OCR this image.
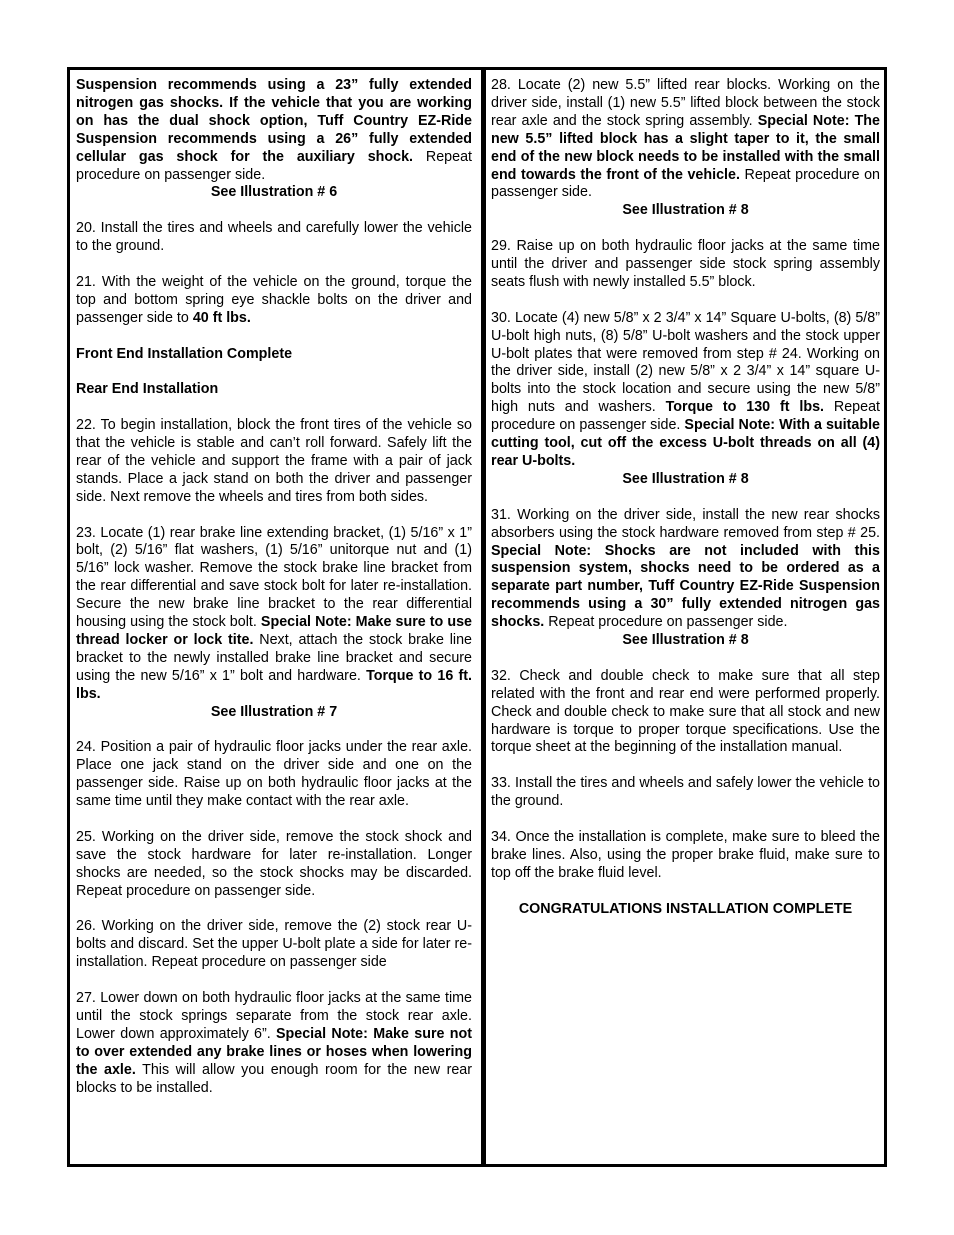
Suspension recommends using a 23” fully extended nitrogen gas shocks. If the vehicle that you are working on has the dual shock option, Tuff Country EZ-Ride Suspension recommends using a 26” fully extended cellular gas shock for the auxiliary shock. Repeat procedure on passenger side.
See Illustration # 6

20. Install the tires and wheels and carefully lower the vehicle to the ground.

21. With the weight of the vehicle on the ground, torque the top and bottom spring eye shackle bolts on the driver and passenger side to 40 ft lbs.

Front End Installation Complete

Rear End Installation

22. To begin installation, block the front tires of the vehicle so that the vehicle is stable and can’t roll forward. Safely lift the rear of the vehicle and support the frame with a pair of jack stands. Place a jack stand on both the driver and passenger side. Next remove the wheels and tires from both sides.

23. Locate (1) rear brake line extending bracket, (1) 5/16” x 1” bolt, (2) 5/16” flat washers, (1) 5/16” unitorque nut and (1) 5/16” lock washer. Remove the stock brake line bracket from the rear differential and save stock bolt for later re-installation. Secure the new brake line bracket to the rear differential housing using the stock bolt. Special Note: Make sure to use thread locker or lock tite. Next, attach the stock brake line bracket to the newly installed brake line bracket and secure using the new 5/16” x 1” bolt and hardware. Torque to 16 ft. lbs.
See Illustration # 7

24. Position a pair of hydraulic floor jacks under the rear axle. Place one jack stand on the driver side and one on the passenger side. Raise up on both hydraulic floor jacks at the same time until they make contact with the rear axle.

25. Working on the driver side, remove the stock shock and save the stock hardware for later re-installation. Longer shocks are needed, so the stock shocks may be discarded. Repeat procedure on passenger side.

26. Working on the driver side, remove the (2) stock rear U-bolts and discard. Set the upper U-bolt plate a side for later re-installation. Repeat procedure on passenger side

27. Lower down on both hydraulic floor jacks at the same time until the stock springs separate from the stock rear axle. Lower down approximately 6”. Special Note: Make sure not to over extended any brake lines or hoses when lowering the axle. This will allow you enough room for the new rear blocks to be installed.

28. Locate (2) new 5.5” lifted rear blocks. Working on the driver side, install (1) new 5.5” lifted block between the stock rear axle and the stock spring assembly. Special Note: The new 5.5” lifted block has a slight taper to it, the small end of the new block needs to be installed with the small end towards the front of the vehicle. Repeat procedure on passenger side.
See Illustration # 8

29. Raise up on both hydraulic floor jacks at the same time until the driver and passenger side stock spring assembly seats flush with newly installed 5.5” block.

30. Locate (4) new 5/8” x 2 3/4” x 14” Square U-bolts, (8) 5/8” U-bolt high nuts, (8) 5/8” U-bolt washers and the stock upper U-bolt plates that were removed from step # 24. Working on the driver side, install (2) new 5/8” x 2 3/4” x 14” square U-bolts into the stock location and secure using the new 5/8” high nuts and washers. Torque to 130 ft lbs. Repeat procedure on passenger side. Special Note: With a suitable cutting tool, cut off the excess U-bolt threads on all (4) rear U-bolts.
See Illustration # 8

31. Working on the driver side, install the new rear shocks absorbers using the stock hardware removed from step # 25. Special Note: Shocks are not included with this suspension system, shocks need to be ordered as a separate part number, Tuff Country EZ-Ride Suspension recommends using a 30” fully extended nitrogen gas shocks. Repeat procedure on passenger side.
See Illustration # 8

32. Check and double check to make sure that all step related with the front and rear end were performed properly. Check and double check to make sure that all stock and new hardware is torque to proper torque specifications. Use the torque sheet at the beginning of the installation manual.

33. Install the tires and wheels and safely lower the vehicle to the ground.

34. Once the installation is complete, make sure to bleed the brake lines. Also, using the proper brake fluid, make sure to top off the brake fluid level.

CONGRATULATIONS INSTALLATION COMPLETE
